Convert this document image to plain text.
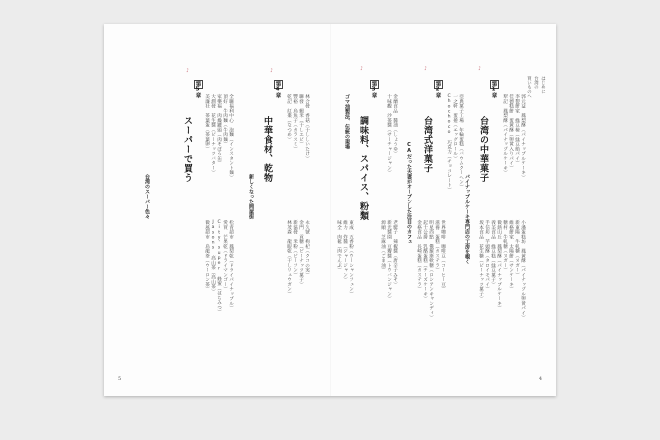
♪
第4章
中華食材、乾物
新しくなった問屋街
林合發　香菇（干ししいたけ）
聯發　蝦米（干しエビ）
豐裕　烏魚子（カラスミ）
乾記　紅棗（なつめ）
永久號　枸杞（クコの実）
金門　貢糖（ピーナッツ菓子）
新協發　米粉（ビーフン）
林茂森　龍眼乾（干しリュウガン）
♪
第5章
スーパーで買う	全聯福利中心　泡麵（インスタント麺）
頂好　牛肉麵（牛肉麺）
家樂福　肉燥罐頭（肉そぼろ缶）
大潤發　花生醬（ピーナッツバター）
美廉社　茶葉蛋（茶葉卵）
松青超市　鳳梨乾（ドライパイナップル）
愛買　芒果乾（ドライマンゴー）
City'super　蜂蜜（はちみつ）
Jasons　高山茶（高山茶）
微風超市　烏龍茶（ウーロン茶）
台湾のスーパー色々
5
はじめに
台湾の
買いものへ
♪
第1章
台湾の中華菓子
パイナップルケーキ専門店の工房を覗く
郭元益　鳳梨酥（パイナップルケーキ）
李製餅家　綠豆椪（緑豆餡パイ）
佳德糕餅　蛋黃酥（卵黄入りパイ）
犁記　鳳梨酥（パイナップルケーキ）
小潘蛋糕坊　鳳黃酥（パイナップル卵黄パイ）
新東陽　牛軋糖（ヌガー）
維格餅家　太陽餅（サンケーキ）
糖村　牛軋糖（ヌガー）
微熱山丘　鳳梨酥（パイナップルケーキ）
義美食品　綠豆糕（緑豆菓子）
手信坊　芋頭酥（タロイモパイ）
坂本食品　花生糖（ピーナッツ菓子）
♪
第2章
台湾式洋菓子	亞典菓子工場　年輪蛋糕（バウムクーヘン）
一之軒　蛋捲（エッグロール）
Chochoco　巧克力（チョコレート）
世界咖啡　咖啡豆（コーヒー豆）
滋養　蛋糕（カステラ）
明星西點　俄羅斯軟糖（ロシアンキャンディ）
起士公爵　乳酪蛋糕（チーズケーキ）
金格食品　長崎蛋糕（カステラ）
CAだった夫妻がオープンした注目のカフェ
♪
第3章
調味料、スパイス、粉類	金蘭食品　醬油（しょうゆ）
十味觀　沙茶醬（サーチャージャン）
老騾子　辣椒醬（唐辛子みそ）
新光醬園　豆瓣醬（トウバンジャン）
源順　芝麻油（ごま油）
東成　五香粉（ウーシャンフェン）
維力　炸醬（ジャージャン）
味全　肉鬆（肉でんぶ）
ゴマ油製法、伝統の現場
4
